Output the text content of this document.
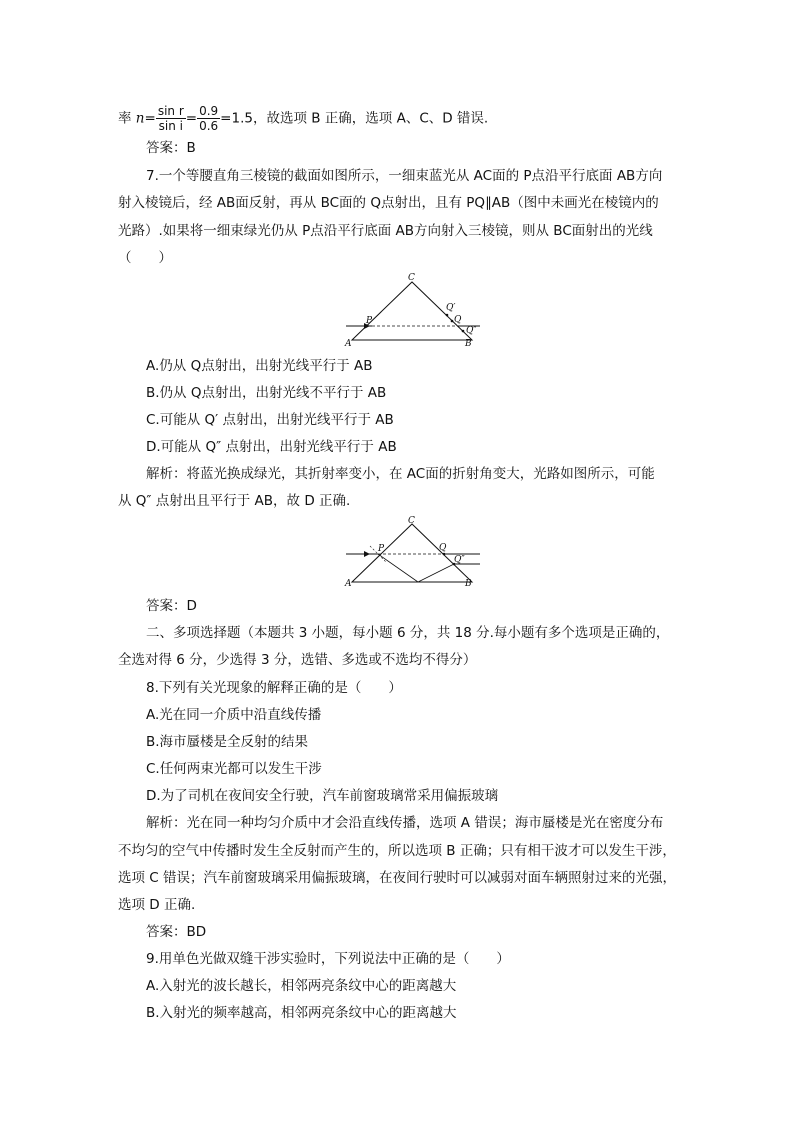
率 $n= \frac{\text{sin r}}{\text{sin i}} = \frac{0.9}{0.6} =1.5$，故选项 B 正确，选项 A、C、D 错误.
答案：B
7.一个等腰直角三棱镜的截面如图所示，一细束蓝光从 AC面的 P点沿平行底面 AB方向
射入棱镜后，经 AB面反射，再从 BC面的 Q点射出，且有 PQ∥AB（图中未画光在棱镜内的
光路）.如果将一细束绿光仍从 P点沿平行底面 AB方向射入三棱镜，则从 BC面射出的光线
（　　）
C
A	B
P
Q′
Q
Q″
A.仍从 Q点射出，出射光线平行于 AB
B.仍从 Q点射出，出射光线不平行于 AB
C.可能从 Q′ 点射出，出射光线平行于 AB
D.可能从 Q″ 点射出，出射光线平行于 AB
解析：将蓝光换成绿光，其折射率变小，在 AC面的折射角变大，光路如图所示，可能
从 Q″ 点射出且平行于 AB，故 D 正确.
C
A	B
P	Q
Q″
答案：D
二、多项选择题（本题共 3 小题，每小题 6 分，共 18 分.每小题有多个选项是正确的，
全选对得 6 分，少选得 3 分，选错、多选或不选均不得分）
8.下列有关光现象的解释正确的是（　　）
A.光在同一介质中沿直线传播
B.海市蜃楼是全反射的结果
C.任何两束光都可以发生干涉
D.为了司机在夜间安全行驶，汽车前窗玻璃常采用偏振玻璃
解析：光在同一种均匀介质中才会沿直线传播，选项 A 错误；海市蜃楼是光在密度分布
不均匀的空气中传播时发生全反射而产生的，所以选项 B 正确；只有相干波才可以发生干涉，
选项 C 错误；汽车前窗玻璃采用偏振玻璃，在夜间行驶时可以减弱对面车辆照射过来的光强，
选项 D 正确.
答案：BD
9.用单色光做双缝干涉实验时，下列说法中正确的是（　　）
A.入射光的波长越长，相邻两亮条纹中心的距离越大
B.入射光的频率越高，相邻两亮条纹中心的距离越大
